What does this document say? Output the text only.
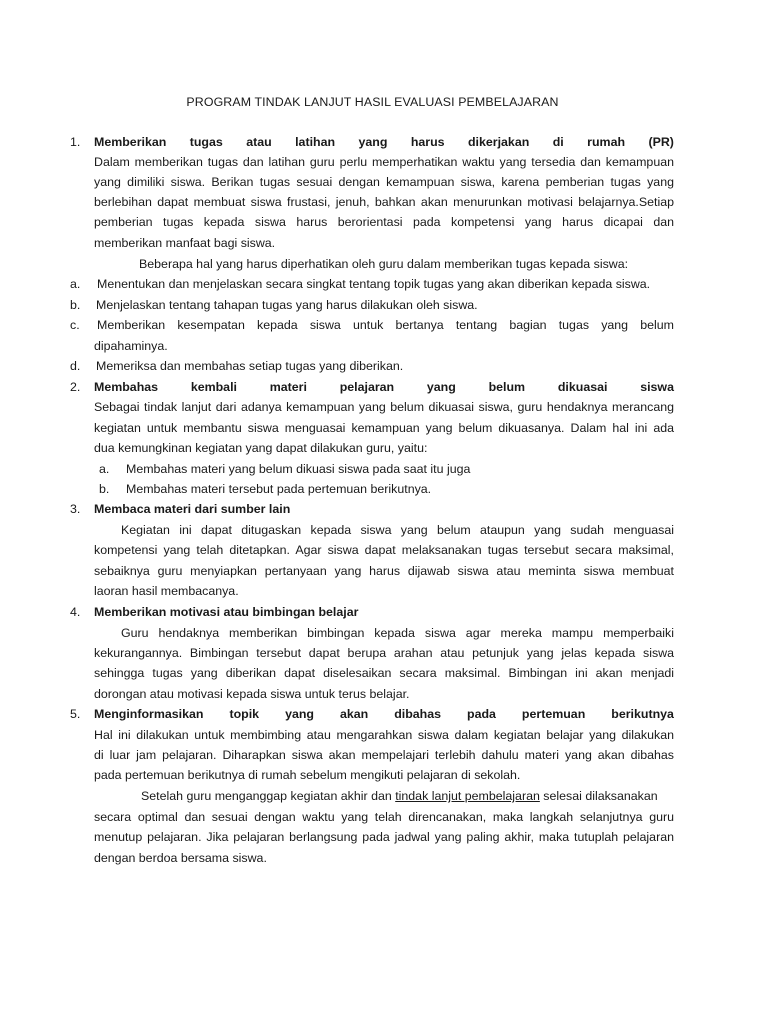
PROGRAM TINDAK LANJUT HASIL EVALUASI PEMBELAJARAN
1. Memberikan tugas atau latihan yang harus dikerjakan di rumah (PR)
Dalam memberikan tugas dan latihan guru perlu memperhatikan waktu yang tersedia dan kemampuan
yang dimiliki siswa. Berikan tugas sesuai dengan kemampuan siswa, karena pemberian tugas yang
berlebihan dapat membuat siswa frustasi, jenuh, bahkan akan menurunkan motivasi belajarnya.Setiap
pemberian tugas kepada siswa harus berorientasi pada kompetensi yang harus dicapai dan
memberikan manfaat bagi siswa.
Beberapa hal yang harus diperhatikan oleh guru dalam memberikan tugas kepada siswa:
a. Menentukan dan menjelaskan secara singkat tentang topik tugas yang akan diberikan kepada siswa.
b. Menjelaskan tentang tahapan tugas yang harus dilakukan oleh siswa.
c. Memberikan kesempatan kepada siswa untuk bertanya tentang bagian tugas yang belum
dipahaminya.
d. Memeriksa dan membahas setiap tugas yang diberikan.
2. Membahas	kembali	materi	pelajaran	yang	belum	dikuasai	siswa
Sebagai tindak lanjut dari adanya kemampuan yang belum dikuasai siswa, guru hendaknya merancang
kegiatan untuk membantu siswa menguasai kemampuan yang belum dikuasanya. Dalam hal ini ada
dua kemungkinan kegiatan yang dapat dilakukan guru, yaitu:
a. Membahas materi yang belum dikuasi siswa pada saat itu juga
b. Membahas materi tersebut pada pertemuan berikutnya.
3. Membaca materi dari sumber lain
Kegiatan ini dapat ditugaskan kepada siswa yang belum ataupun yang sudah menguasai
kompetensi yang telah ditetapkan. Agar siswa dapat melaksanakan tugas tersebut secara maksimal,
sebaiknya guru menyiapkan pertanyaan yang harus dijawab siswa atau meminta siswa membuat
laoran hasil membacanya.
4. Memberikan motivasi atau bimbingan belajar
Guru hendaknya memberikan bimbingan kepada siswa agar mereka mampu memperbaiki
kekurangannya. Bimbingan tersebut dapat berupa arahan atau petunjuk yang jelas kepada siswa
sehingga tugas yang diberikan dapat diselesaikan secara maksimal. Bimbingan ini akan menjadi
dorongan atau motivasi kepada siswa untuk terus belajar.
5. Menginformasikan topik yang akan dibahas pada pertemuan berikutnya
Hal ini dilakukan untuk membimbing atau mengarahkan siswa dalam kegiatan belajar yang dilakukan
di luar jam pelajaran. Diharapkan siswa akan mempelajari terlebih dahulu materi yang akan dibahas
pada pertemuan berikutnya di rumah sebelum mengikuti pelajaran di sekolah.
Setelah guru menganggap kegiatan akhir dan tindak lanjut pembelajaran selesai dilaksanakan
secara optimal dan sesuai dengan waktu yang telah direncanakan, maka langkah selanjutnya guru
menutup pelajaran. Jika pelajaran berlangsung pada jadwal yang paling akhir, maka tutuplah pelajaran
dengan berdoa bersama siswa.
